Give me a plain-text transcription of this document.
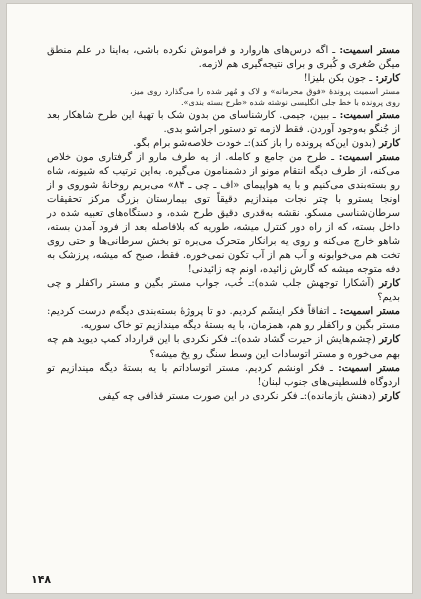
مستر اسمیت: ـ اگه درس‌های هاروارد و فراموش نکرده باشی، به‌اینا در علم منطق میگن صُغری و کُبری و برای نتیجه‌گیری هم لازمه.

کارتر: ـ جون بکن بلیزا!

مستر اسمیت پروندهٔ «فوق محرمانه» و لاک و مُهر شده را می‌گذارد روی میز، روی پرونده با خط جلی انگلیسی نوشته شده «طرح بسته بندی».

مستر اسمیت: ـ ببین، جیمی. کارشناسای من بدون شک با تهیهٔ این طرح شاهکار بعد از جُنگو به‌وجود آوردن. فقط لازمه تو دستور اجراشو بدی.

کارتر (بدون این‌که پرونده را باز کند):ـ خودت خلاصه‌شو برام بگو.

مستر اسمیت: ـ طرح من جامع و کامله. از یه طرف مارو از گرفتاری مون خلاص می‌کنه، از طرف دیگه انتقام مونو از دشمنامون می‌گیره. به‌این ترتیب که شیونه، شاه رو بسته‌بندی می‌کنیم و با یه هواپیمای «اف ـ چی ـ ۸۴» می‌بریم روخانهٔ شوروی و از اونجا یسترو با چتر نجات میندازیم دقیقاً توی بیمارستان بزرگ مرکز تحقیقات سرطان‌شناسی مسکو. نقشه به‌قدری دقیق طرح شده، و دستگاه‌های تعبیه شده در داخل بسته، که از راه دور کنترل میشه، طوریه که بلافاصله بعد از فرود آمدن بسته، شاهو خارج می‌کنه و روی یه برانکار متحرک می‌بره تو بخش سرطانی‌ها و حتی روی تخت هم می‌خوابونه و آب هم از آب تکون نمی‌خوره. فقط، صبح که میشه، پرزشک به دفه متوجه میشه که گارش زائیده، اونم چه زائیدنی!

کارتر (آشکارا توجهش جلب شده):ـ خُب، جواب مستر بگین و مستر راکفلر و چی بدیم؟

مستر اسمیت: ـ اتفاقاً فکر اینشَم کردیم. دو تا پروژهٔ بسته‌بندی دیگه‌م درست کردیم: مستر بگین و راکفلر رو هم، همزمان، با یه بستهٔ دیگه میندازیم تو خاک سوریه.

کارتر (چشم‌هایش از حیرت گشاد شده):ـ فکر نکردی با این قرارداد کمپ دیوید هم چه بهم می‌خوره و مستر اتوسادات این وسط سنگ رو یخ میشه؟

مستر اسمیت: ـ فکر اونشم کردیم. مستر اتوساداتم با یه بستهٔ دیگه میندازیم تو اردوگاه فلسطینی‌های جنوب لبنان!

کارتر (دهنش بازمانده):ـ فکر نکردی در این صورت مستر قذافی چه کیفی

۱۴۸
